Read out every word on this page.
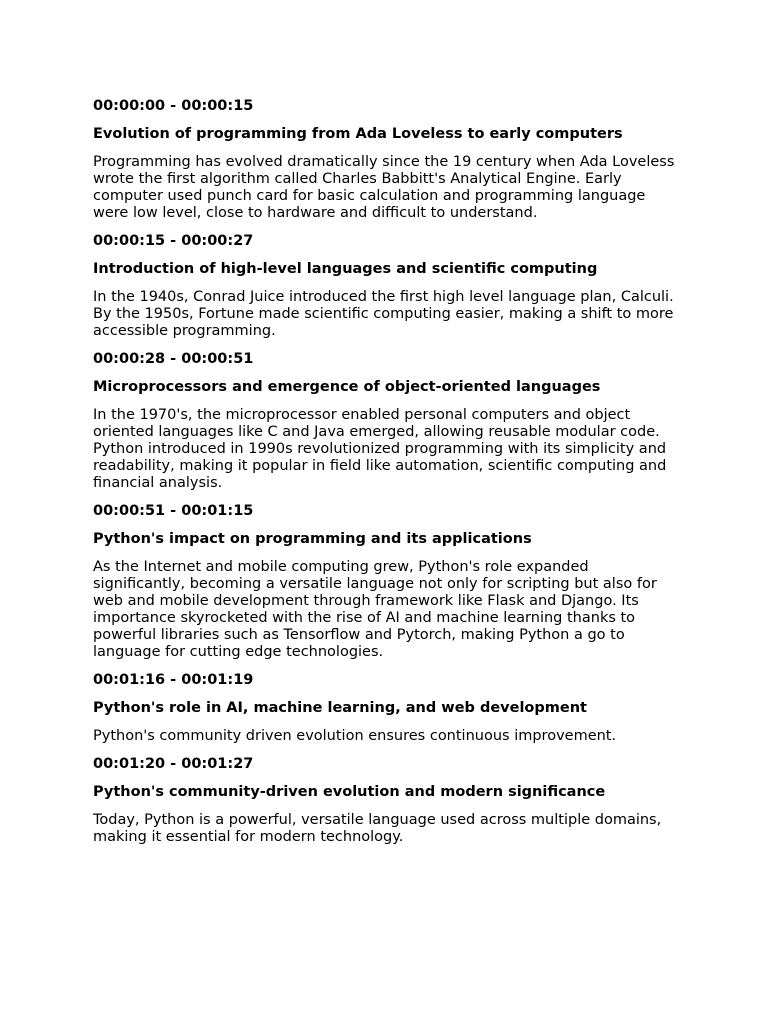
00:00:00 - 00:00:15

Evolution of programming from Ada Loveless to early computers

Programming has evolved dramatically since the 19 century when Ada Loveless wrote the first algorithm called Charles Babbitt's Analytical Engine. Early computer used punch card for basic calculation and programming language were low level, close to hardware and difficult to understand.

00:00:15 - 00:00:27

Introduction of high-level languages and scientific computing

In the 1940s, Conrad Juice introduced the first high level language plan, Calculi. By the 1950s, Fortune made scientific computing easier, making a shift to more accessible programming.

00:00:28 - 00:00:51

Microprocessors and emergence of object-oriented languages

In the 1970's, the microprocessor enabled personal computers and object oriented languages like C and Java emerged, allowing reusable modular code. Python introduced in 1990s revolutionized programming with its simplicity and readability, making it popular in field like automation, scientific computing and financial analysis.

00:00:51 - 00:01:15

Python's impact on programming and its applications

As the Internet and mobile computing grew, Python's role expanded significantly, becoming a versatile language not only for scripting but also for web and mobile development through framework like Flask and Django. Its importance skyrocketed with the rise of AI and machine learning thanks to powerful libraries such as Tensorflow and Pytorch, making Python a go to language for cutting edge technologies.

00:01:16 - 00:01:19

Python's role in AI, machine learning, and web development

Python's community driven evolution ensures continuous improvement.

00:01:20 - 00:01:27

Python's community-driven evolution and modern significance

Today, Python is a powerful, versatile language used across multiple domains, making it essential for modern technology.
